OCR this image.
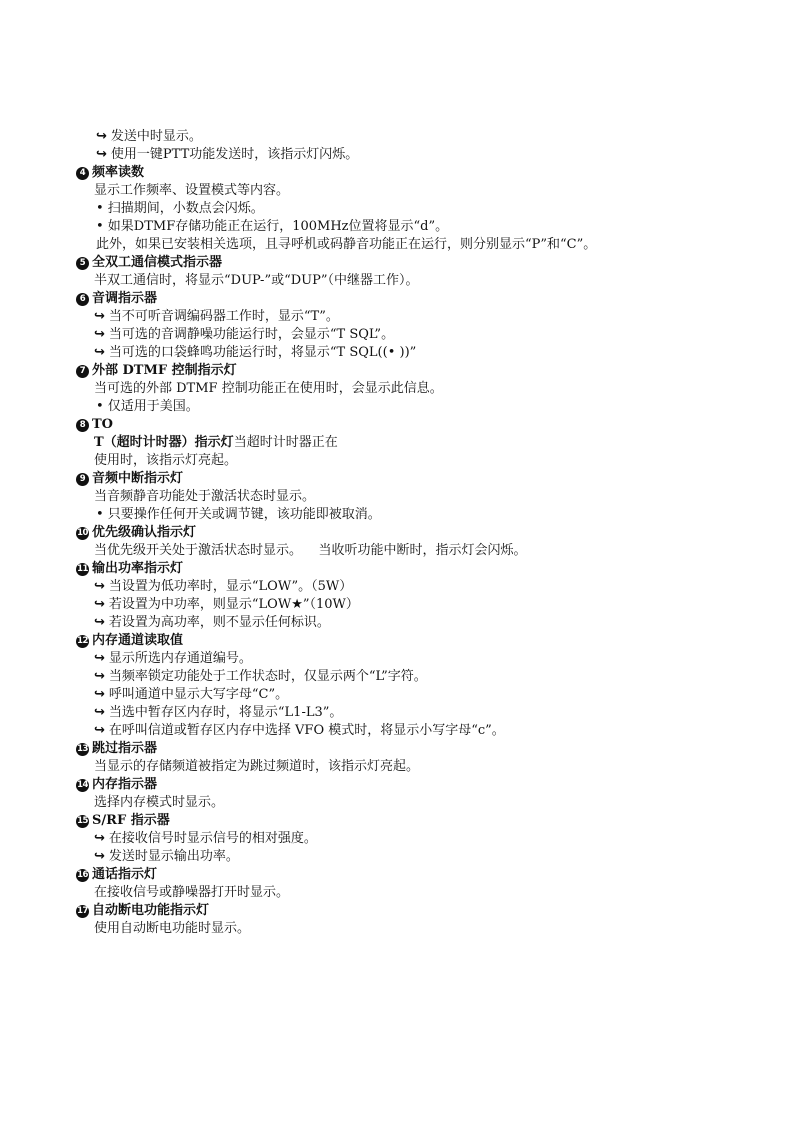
↪ 发送中时显示。
↪ 使用一键PTT功能发送时，该指示灯闪烁。
4 频率读数
显示工作频率、设置模式等内容。
• 扫描期间，小数点会闪烁。
• 如果DTMF存储功能正在运行，100MHz位置将显示“d”。
此外，如果已安装相关选项，且寻呼机或码静音功能正在运行，则分别显示“P”和“C”。
5 全双工通信模式指示器
半双工通信时，将显示“DUP-”或“DUP”（中继器工作）。
6 音调指示器
↪ 当不可听音调编码器工作时，显示“T”。
↪ 当可选的音调静噪功能运行时，会显示“T SQL”。
↪ 当可选的口袋蜂鸣功能运行时，将显示“T SQL((• ))”
7 外部 DTMF 控制指示灯
当可选的外部 DTMF 控制功能正在使用时，会显示此信息。
• 仅适用于美国。
8 TO
T（超时计时器）指示灯当超时计时器正在
使用时，该指示灯亮起。
9 音频中断指示灯
当音频静音功能处于激活状态时显示。
• 只要操作任何开关或调节键，该功能即被取消。
10 优先级确认指示灯
当优先级开关处于激活状态时显示。    当收听功能中断时，指示灯会闪烁。
11 输出功率指示灯
↪ 当设置为低功率时，显示“LOW”。（5W）
↪ 若设置为中功率，则显示“LOW★”（10W）
↪ 若设置为高功率，则不显示任何标识。
12 内存通道读取值
↪ 显示所选内存通道编号。
↪ 当频率锁定功能处于工作状态时，仅显示两个“L”字符。
↪ 呼叫通道中显示大写字母“C”。
↪ 当选中暂存区内存时，将显示“L1-L3”。
↪ 在呼叫信道或暂存区内存中选择 VFO 模式时，将显示小写字母“c”。
13 跳过指示器
当显示的存储频道被指定为跳过频道时，该指示灯亮起。
14 内存指示器
选择内存模式时显示。
15 S/RF 指示器
↪ 在接收信号时显示信号的相对强度。
↪ 发送时显示输出功率。
16 通话指示灯
在接收信号或静噪器打开时显示。
17 自动断电功能指示灯
使用自动断电功能时显示。
